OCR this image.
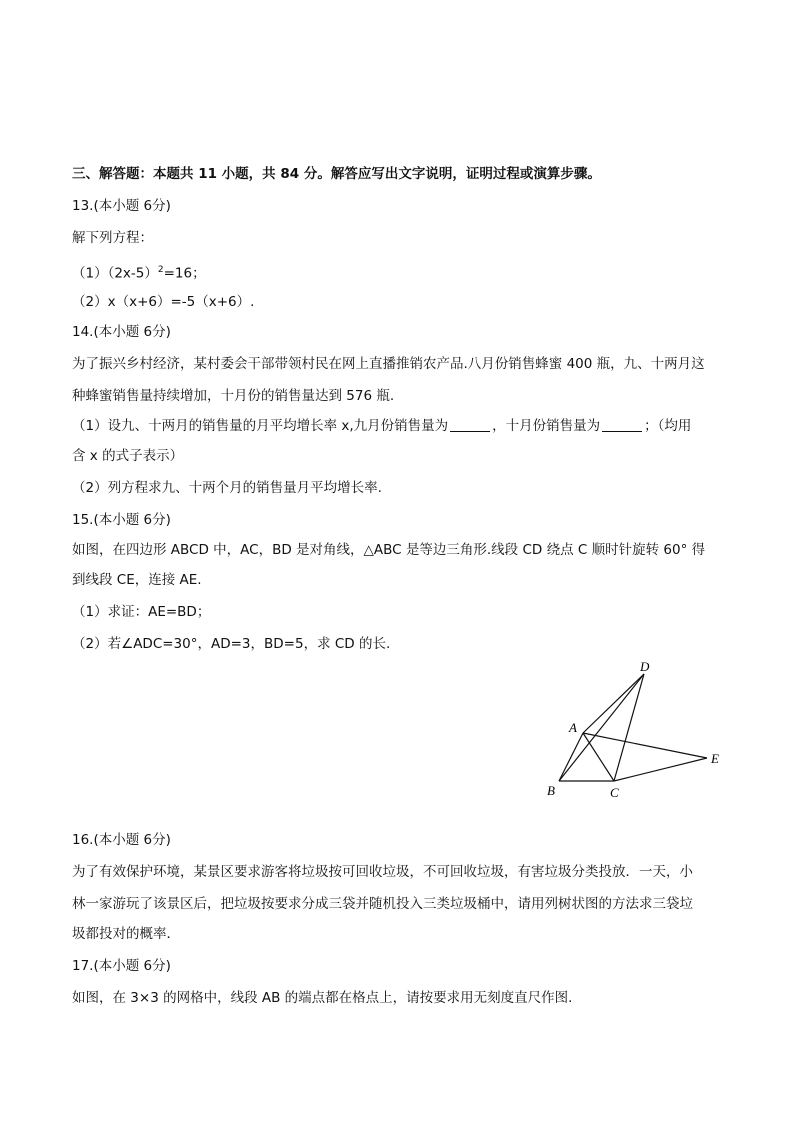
三、解答题：本题共 11 小题，共 84 分。解答应写出文字说明，证明过程或演算步骤。
13.(本小题 6分)
解下列方程：
$(1)(2x-5)^2=16$；
（2）x（x+6）=-5（x+6）.
14.(本小题 6分)
为了振兴乡村经济，某村委会干部带领村民在网上直播推销农产品.八月份销售蜂蜜 400 瓶，九、十两月这
种蜂蜜销售量持续增加，十月份的销售量达到 576 瓶.
（1）设九、十两月的销售量的月平均增长率 x,九月份销售量为	，十月份销售量为	；（均用
含 x 的式子表示）
（2）列方程求九、十两个月的销售量月平均增长率.
15.(本小题 6分)
如图，在四边形 ABCD 中，AC，BD 是对角线，△ABC 是等边三角形.线段 CD 绕点 C 顺时针旋转 60° 得
到线段 CE，连接 AE.
（1）求证：AE=BD；
（2）若∠ADC=30°，AD=3，BD=5，求 CD 的长.
D
A
B	C
E
16.(本小题 6分)
为了有效保护环境，某景区要求游客将垃圾按可回收垃圾，不可回收垃圾，有害垃圾分类投放．一天，小
林一家游玩了该景区后，把垃圾按要求分成三袋并随机投入三类垃圾桶中，请用列树状图的方法求三袋垃
圾都投对的概率．
17.(本小题 6分)
如图，在 3×3 的网格中，线段 AB 的端点都在格点上，请按要求用无刻度直尺作图.
